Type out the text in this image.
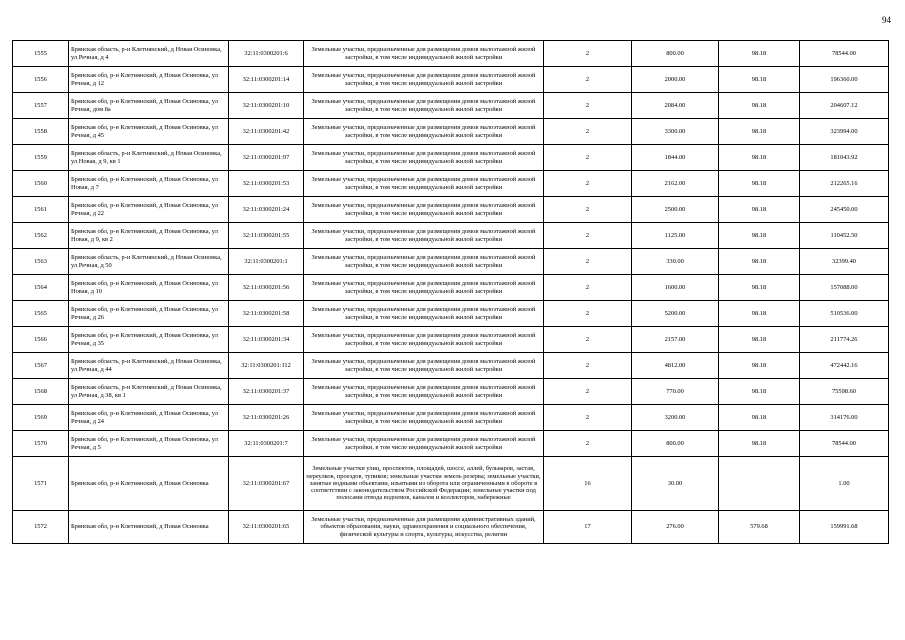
94
1555	Брянская область, р-н Клетнянский, д Новая Осиновка, ул Речная, д 4	32:11:0300201:6	Земельные участки, предназначенные для размещения домов малоэтажной жилой застройки, в том числе индивидуальной жилой застройки	2	800.00	98.18	78544.00
1556	Брянская обл, р-н Клетнянский, д Новая Осиновка, ул Речная, д 12	32:11:0300201:14	Земельные участки, предназначенные для размещения домов малоэтажной жилой застройки, в том числе индивидуальной жилой застройки	2	2000.00	98.18	196360.00
1557	Брянская обл, р-н Клетнянский, д Новая Осиновка, ул Речная, дом 8а	32:11:0300201:10	Земельные участки, предназначенные для размещения домов малоэтажной жилой застройки, в том числе индивидуальной жилой застройки	2	2084.00	98.18	204607.12
1558	Брянская обл, р-н Клетнянский, д Новая Осиновка, ул Речная, д 45	32:11:0300201:42	Земельные участки, предназначенные для размещения домов малоэтажной жилой застройки, в том числе индивидуальной жилой застройки	2	3300.00	98.18	323994.00
1559	Брянская область, р-н Клетнянский, д Новая Осиновка, ул Новая, д 9, кв 1	32:11:0300201:97	Земельные участки, предназначенные для размещения домов малоэтажной жилой застройки, в том числе индивидуальной жилой застройки	2	1844.00	98.18	181043.92
1560	Брянская обл, р-н Клетнянский, д Новая Осиновка, ул Новая, д 7	32:11:0300201:53	Земельные участки, предназначенные для размещения домов малоэтажной жилой застройки, в том числе индивидуальной жилой застройки	2	2162.00	98.18	212265.16
1561	Брянская обл, р-н Клетнянский, д Новая Осиновка, ул Речная, д 22	32:11:0300201:24	Земельные участки, предназначенные для размещения домов малоэтажной жилой застройки, в том числе индивидуальной жилой застройки	2	2500.00	98.18	245450.00
1562	Брянская обл, р-н Клетнянский, д Новая Осиновка, ул Новая, д 9, кв 2	32:11:0300201:55	Земельные участки, предназначенные для размещения домов малоэтажной жилой застройки, в том числе индивидуальной жилой застройки	2	1125.00	98.18	110452.50
1563	Брянская область, р-н Клетнянский, д Новая Осиновка, ул Речная, д 50	32:11:0300201:1	Земельные участки, предназначенные для размещения домов малоэтажной жилой застройки, в том числе индивидуальной жилой застройки	2	330.00	98.18	32399.40
1564	Брянская обл, р-н Клетнянский, д Новая Осиновка, ул Новая, д 10	32:11:0300201:56	Земельные участки, предназначенные для размещения домов малоэтажной жилой застройки, в том числе индивидуальной жилой застройки	2	1600.00	98.18	157088.00
1565	Брянская обл, р-н Клетнянский, д Новая Осиновка, ул Речная, д 26	32:11:0300201:58	Земельные участки, предназначенные для размещения домов малоэтажной жилой застройки, в том числе индивидуальной жилой застройки	2	5200.00	98.18	510536.00
1566	Брянская обл, р-н Клетнянский, д Новая Осиновка, ул Речная, д 35	32:11:0300201:34	Земельные участки, предназначенные для размещения домов малоэтажной жилой застройки, в том числе индивидуальной жилой застройки	2	2157.00	98.18	211774.26
1567	Брянская область, р-н Клетнянский, д Новая Осиновка, ул Речная, д 44	32:11:0300201:112	Земельные участки, предназначенные для размещения домов малоэтажной жилой застройки, в том числе индивидуальной жилой застройки	2	4812.00	98.18	472442.16
1568	Брянская область, р-н Клетнянский, д Новая Осиновка, ул Речная, д 38, кв 1	32:11:0300201:37	Земельные участки, предназначенные для размещения домов малоэтажной жилой застройки, в том числе индивидуальной жилой застройки	2	770.00	98.18	75598.60
1569	Брянская обл, р-н Клетнянский, д Новая Осиновка, ул Речная, д 24	32:11:0300201:26	Земельные участки, предназначенные для размещения домов малоэтажной жилой застройки, в том числе индивидуальной жилой застройки	2	3200.00	98.18	314176.00
1570	Брянская обл, р-н Клетнянский, д Новая Осиновка, ул Речная, д 5	32:11:0300201:7	Земельные участки, предназначенные для размещения домов малоэтажной жилой застройки, в том числе индивидуальной жилой застройки	2	800.00	98.18	78544.00
1571	Брянская обл, р-н Клетнянский, д Новая Осиновка	32:11:0300201:67	Земельные участки улиц, проспектов, площадей, шоссе, аллей, бульваров, застав, переулков, проездов, тупиков; земельные участки земель резерва; земельные участки, занятые водными объектами, изъятыми из оборота или ограниченными в обороте в соответствии с законодательством Российской Федерации; земельные участки под полосами отвода водоемов, каналов и коллекторов, набережные	16	30.00		1.00
1572	Брянская обл, р-н Клетнянский, д Новая Осиновка	32:11:0300201:65	Земельные участки, предназначенные для размещения административных зданий, объектов образования, науки, здравоохранения и социального обеспечения, физической культуры и спорта, культуры, искусства, религии	17	276.00	579.68	159991.68
